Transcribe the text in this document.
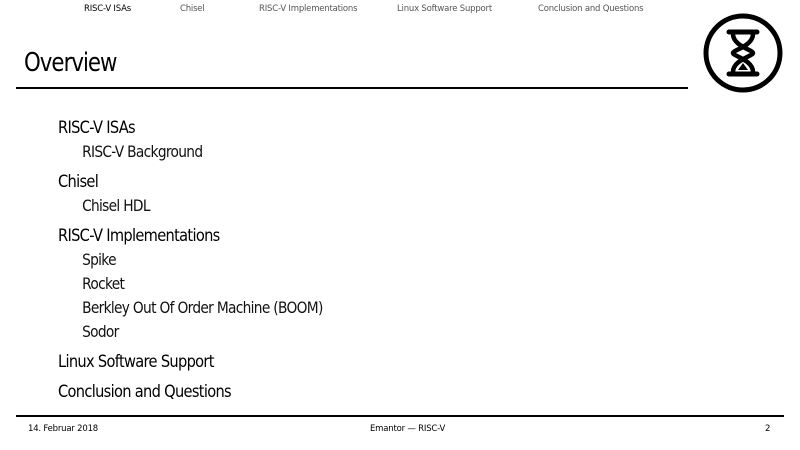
RISC-V ISAs	Chisel	RISC-V Implementations	Linux Software Support	Conclusion and Questions
Overview
RISC-V ISAs
RISC-V Background
Chisel
Chisel HDL
RISC-V Implementations
Spike
Rocket
Berkley Out Of Order Machine (BOOM)
Sodor
Linux Software Support
Conclusion and Questions
14. Februar 2018	Emantor — RISC-V	2
